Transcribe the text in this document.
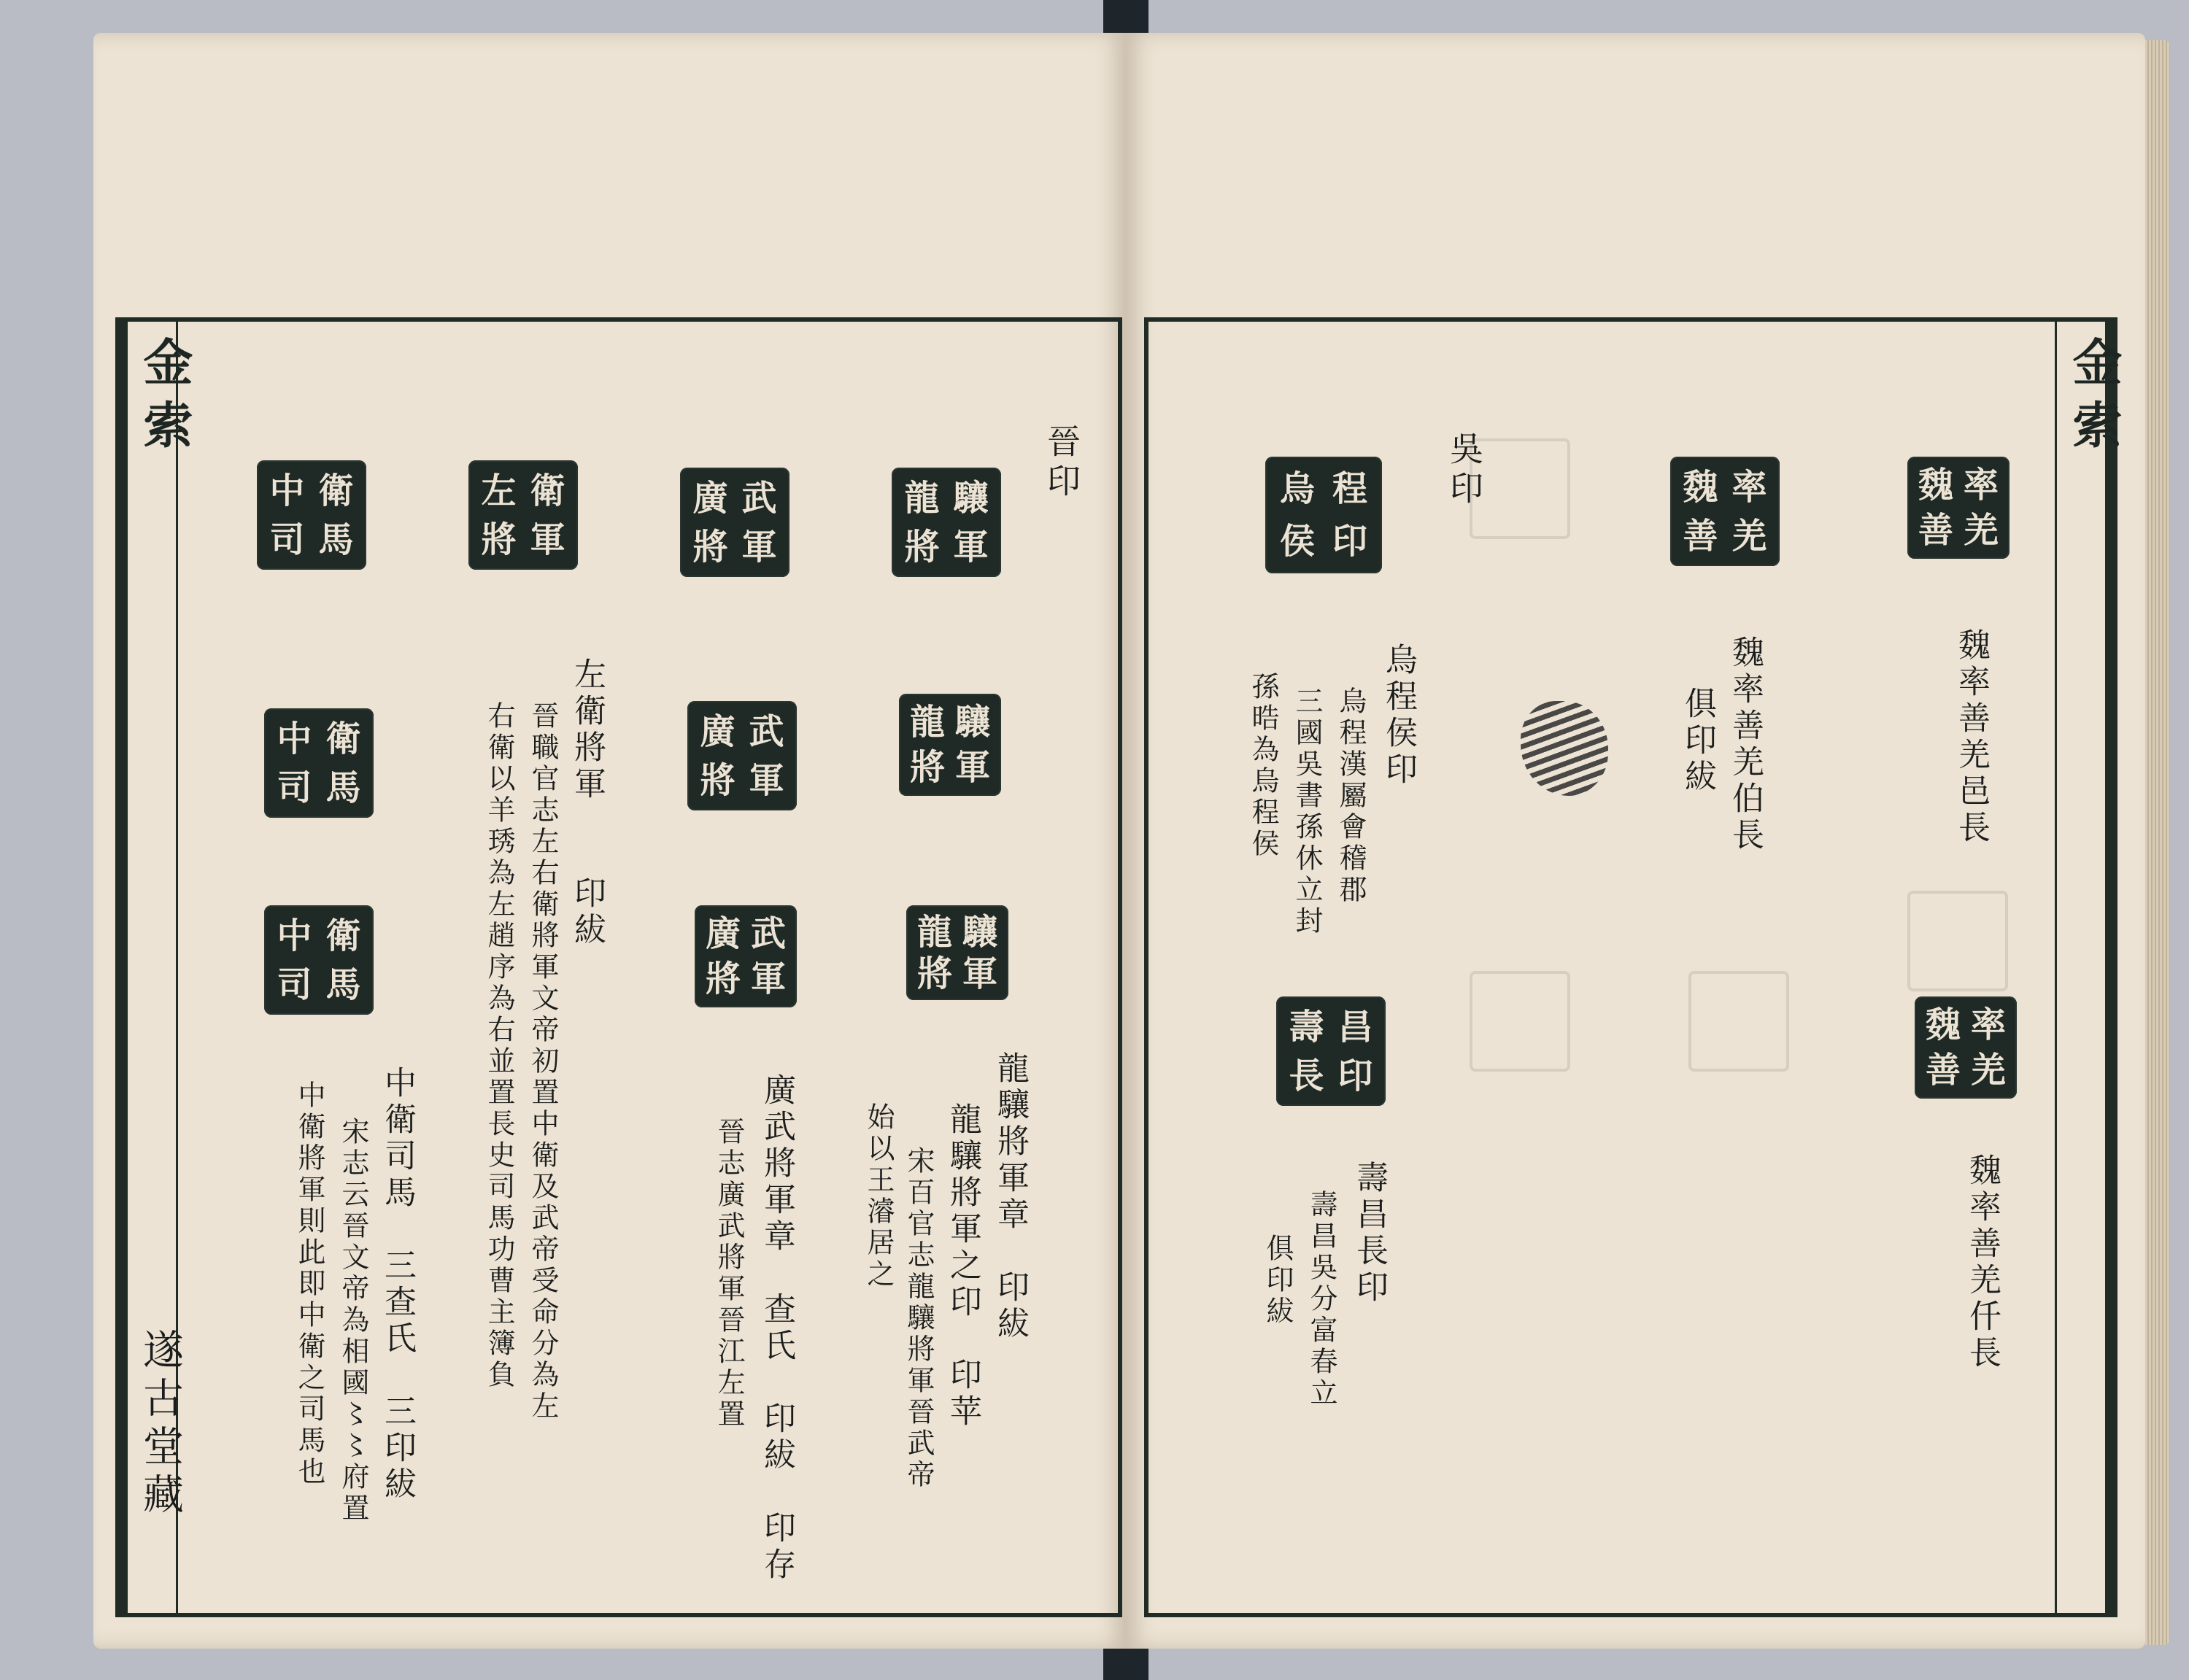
金索
遂古堂藏
晉印
龍 驤
將 軍
廣 武
將 軍
左 衛
將 軍
中 衛
司 馬
龍 驤
將 軍
廣 武
將 軍
中 衛
司 馬
龍 驤
將 軍
廣 武
將 軍
中 衛
司 馬
龍驤將軍章　印紱
龍驤將軍之印　印苹
宋百官志龍驤將軍晉武帝
始以王濬居之
廣武將軍章　查氏　印紱　印存
晉志廣武將軍晉江左置
左衛將軍　　印紱
晉職官志左右衛將軍文帝初置中衛及武帝受命分為左
右衛以羊琇為左趙序為右並置長史司馬功曹主簿負
中衛司馬　三查氏　三印紱
宋志云晉文帝為相國〻〻府置
中衛將軍則此即中衛之司馬也
金索
吳印	魏 率
善 羌
魏 率
善 羌
烏 程
侯 印
壽 昌
長 印
魏 率
善 羌
魏率善羌邑長
魏率善羌伯長
俱印紱
烏程侯印
烏程漢屬會稽郡
三國吳書孫休立封
孫晧為烏程侯
魏率善羌仟長
壽昌長印
壽昌吳分富春立
俱印紱
